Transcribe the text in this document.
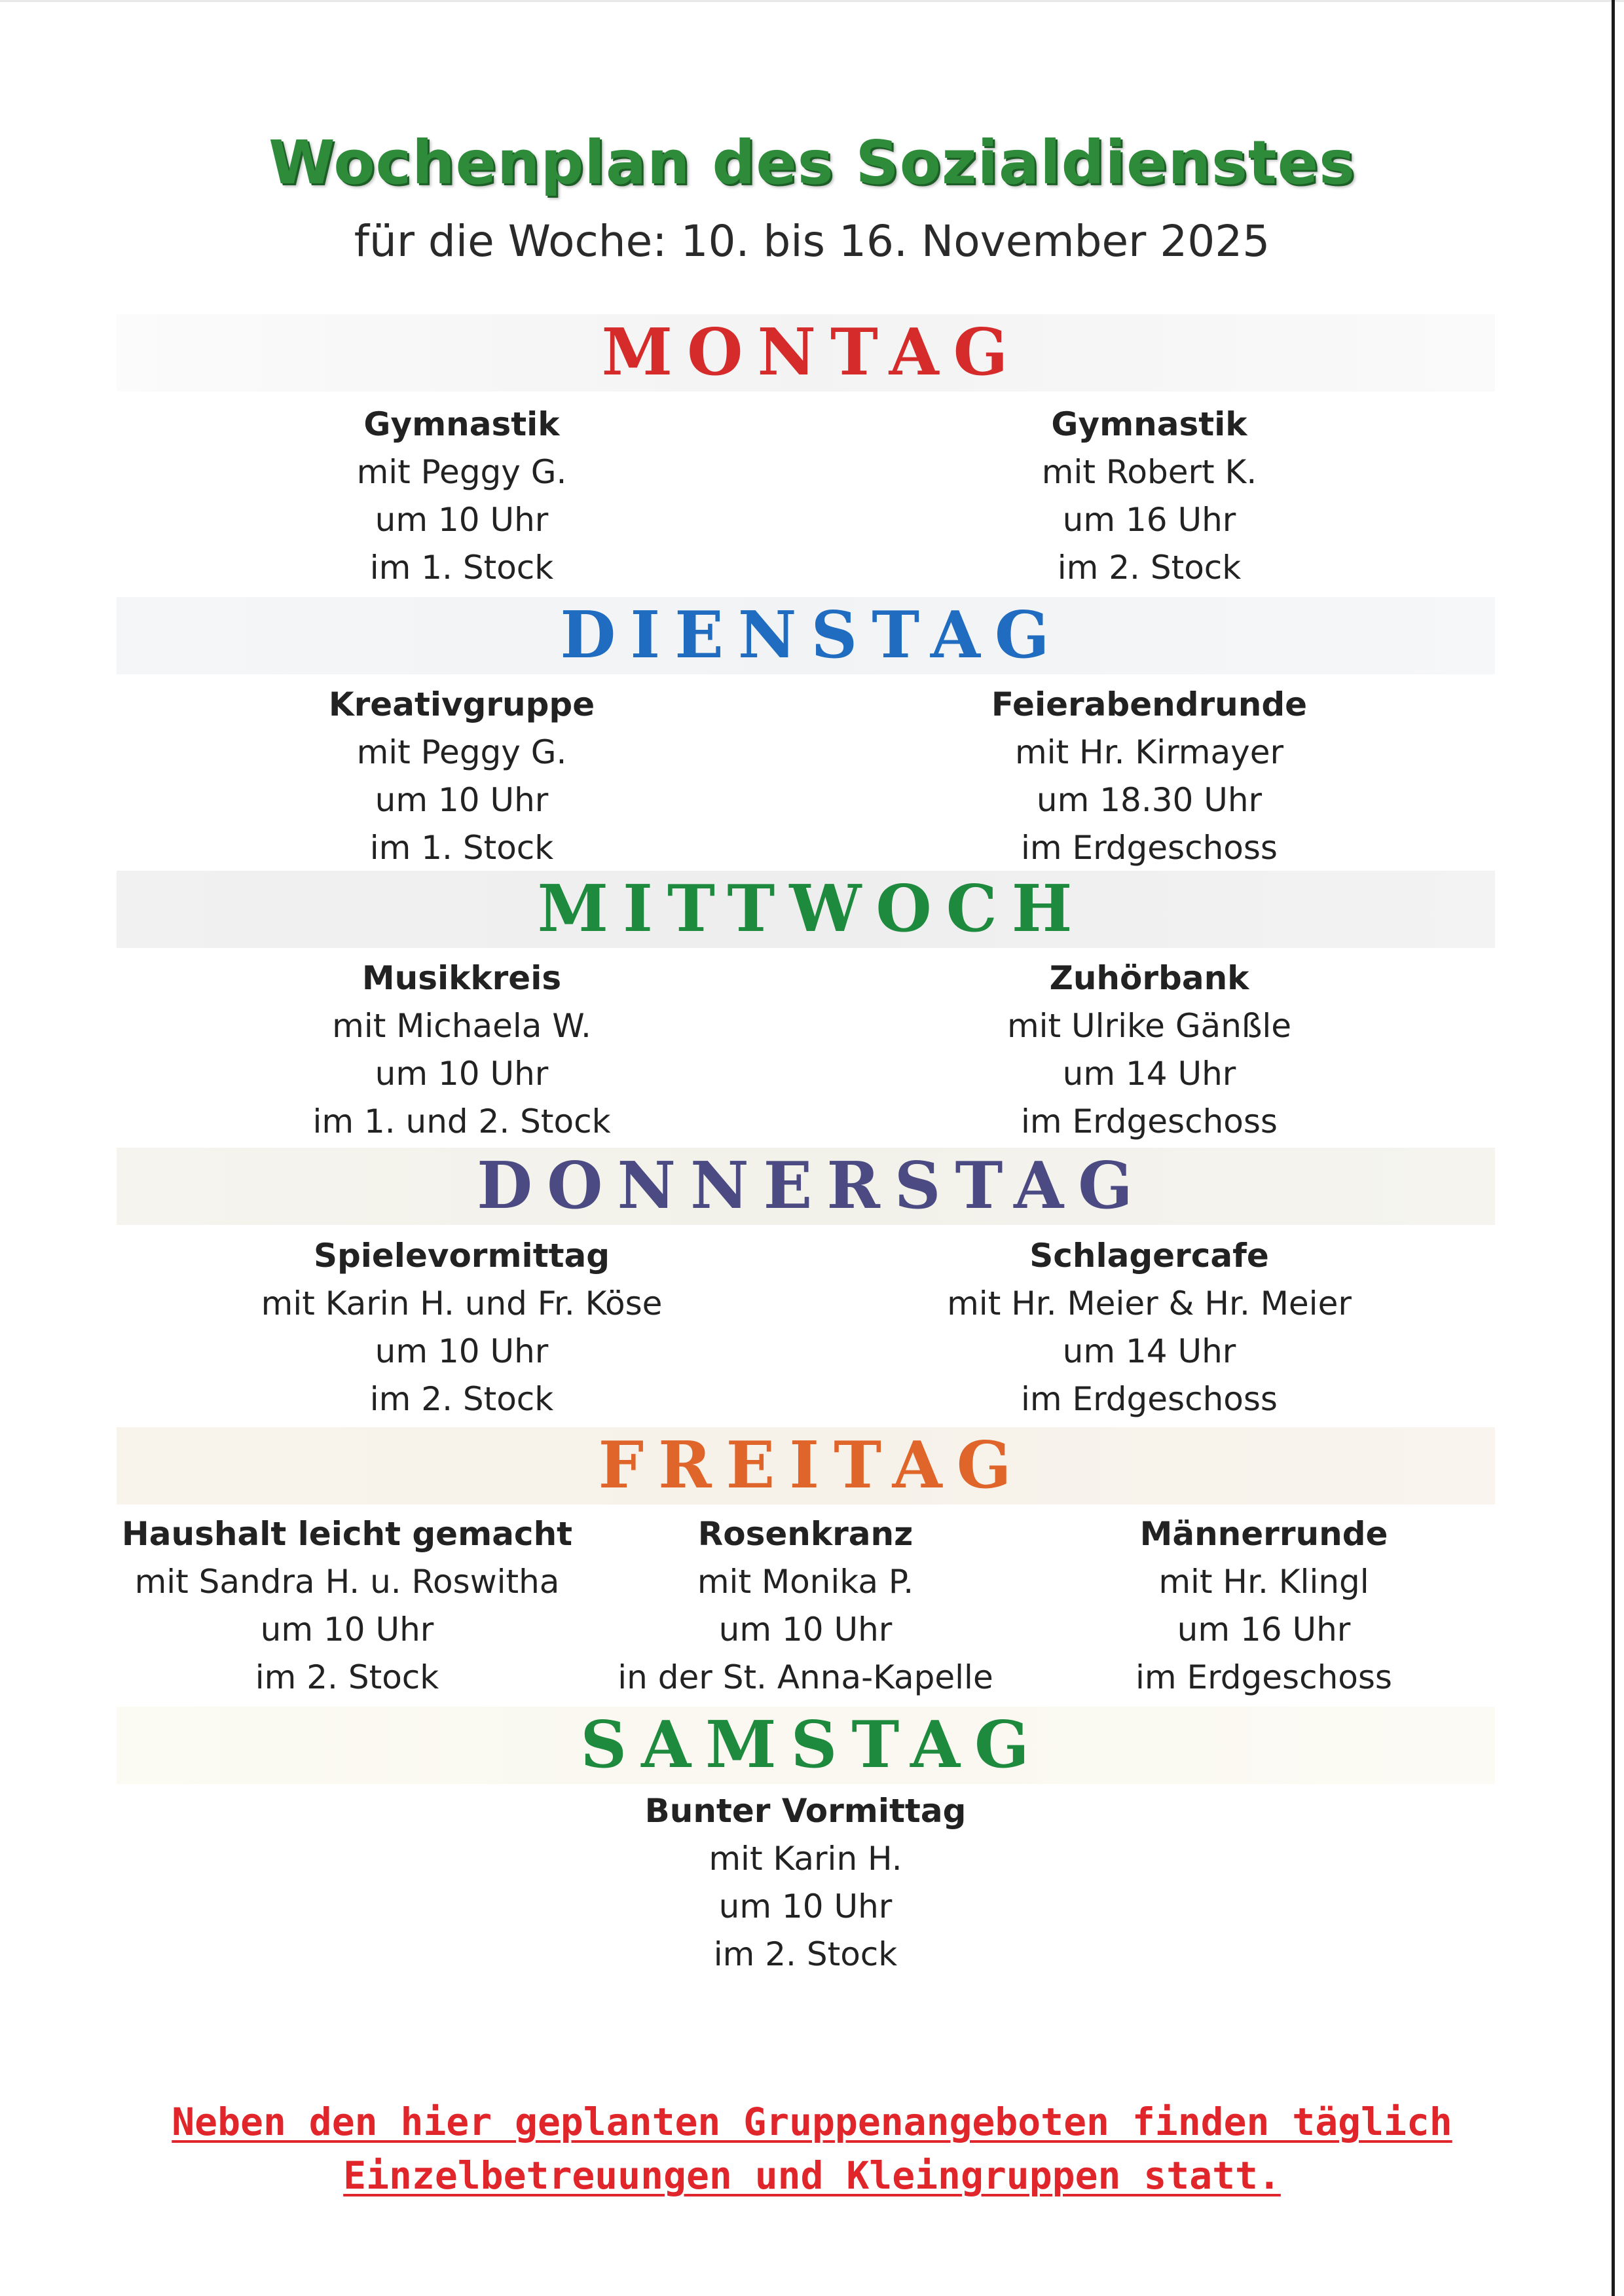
Wochenplan des Sozialdienstes
für die Woche: 10. bis 16. November 2025
MONTAG
Gymnastik
mit Peggy G.
um 10 Uhr
im 1. Stock
Gymnastik
mit Robert K.
um 16 Uhr
im 2. Stock
DIENSTAG
Kreativgruppe
mit Peggy G.
um 10 Uhr
im 1. Stock
Feierabendrunde
mit Hr. Kirmayer
um 18.30 Uhr
im Erdgeschoss
MITTWOCH
Musikkreis
mit Michaela W.
um 10 Uhr
im 1. und 2. Stock
Zuhörbank
mit Ulrike Gänßle
um 14 Uhr
im Erdgeschoss
DONNERSTAG
Spielevormittag
mit Karin H. und Fr. Köse
um 10 Uhr
im 2. Stock
Schlagercafe
mit Hr. Meier & Hr. Meier
um 14 Uhr
im Erdgeschoss
FREITAG
Haushalt leicht gemacht
mit Sandra H. u. Roswitha
um 10 Uhr
im 2. Stock
Rosenkranz
mit Monika P.
um 10 Uhr
in der St. Anna-Kapelle
Männerrunde
mit Hr. Klingl
um 16 Uhr
im Erdgeschoss
SAMSTAG
Bunter Vormittag
mit Karin H.
um 10 Uhr
im 2. Stock
Neben den hier geplanten Gruppenangeboten finden täglich
Einzelbetreuungen und Kleingruppen statt.
